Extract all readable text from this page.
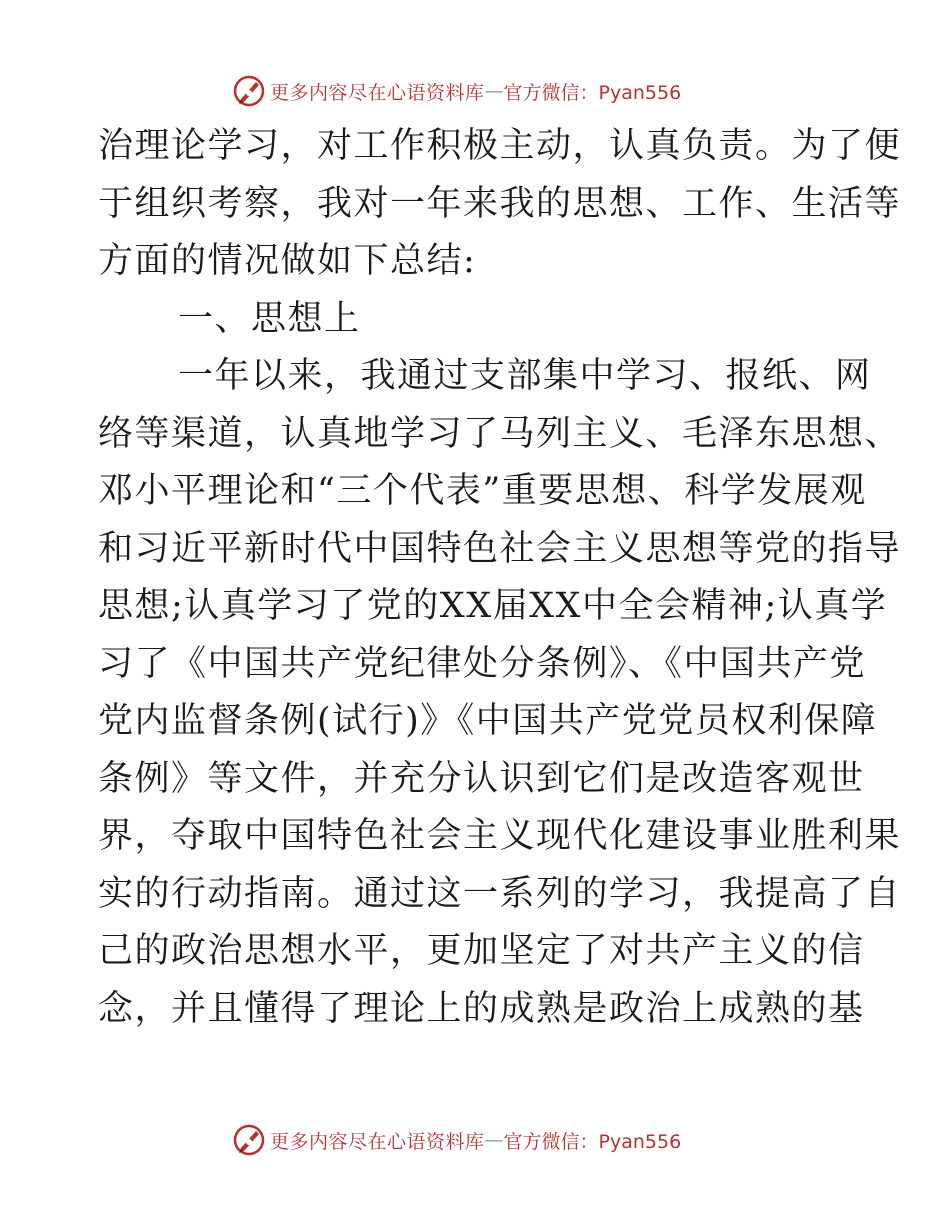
更多内容尽在心语资料库 — 官方微信：Pyan556
治理论学习，对工作积极主动，认真负责。为了便
于组织考察，我对一年来我的思想、工作、生活等
方面的情况做如下总结:
一、思想上
一年以来，我通过支部集中学习、报纸、网
络等渠道，认真地学习了马列主义、毛泽东思想、
邓小平理论和“三个代表”重要思想、科学发展观
和习近平新时代中国特色社会主义思想等党的指导
思想;认真学习了党的XX届XX中全会精神;认真学
习了《中国共产党纪律处分条例》、《中国共产党
党内监督条例(试行)》《中国共产党党员权利保障
条例》等文件，并充分认识到它们是改造客观世
界，夺取中国特色社会主义现代化建设事业胜利果
实的行动指南。通过这一系列的学习，我提高了自
己的政治思想水平，更加坚定了对共产主义的信
念，并且懂得了理论上的成熟是政治上成熟的基
更多内容尽在心语资料库 — 官方微信：Pyan556
